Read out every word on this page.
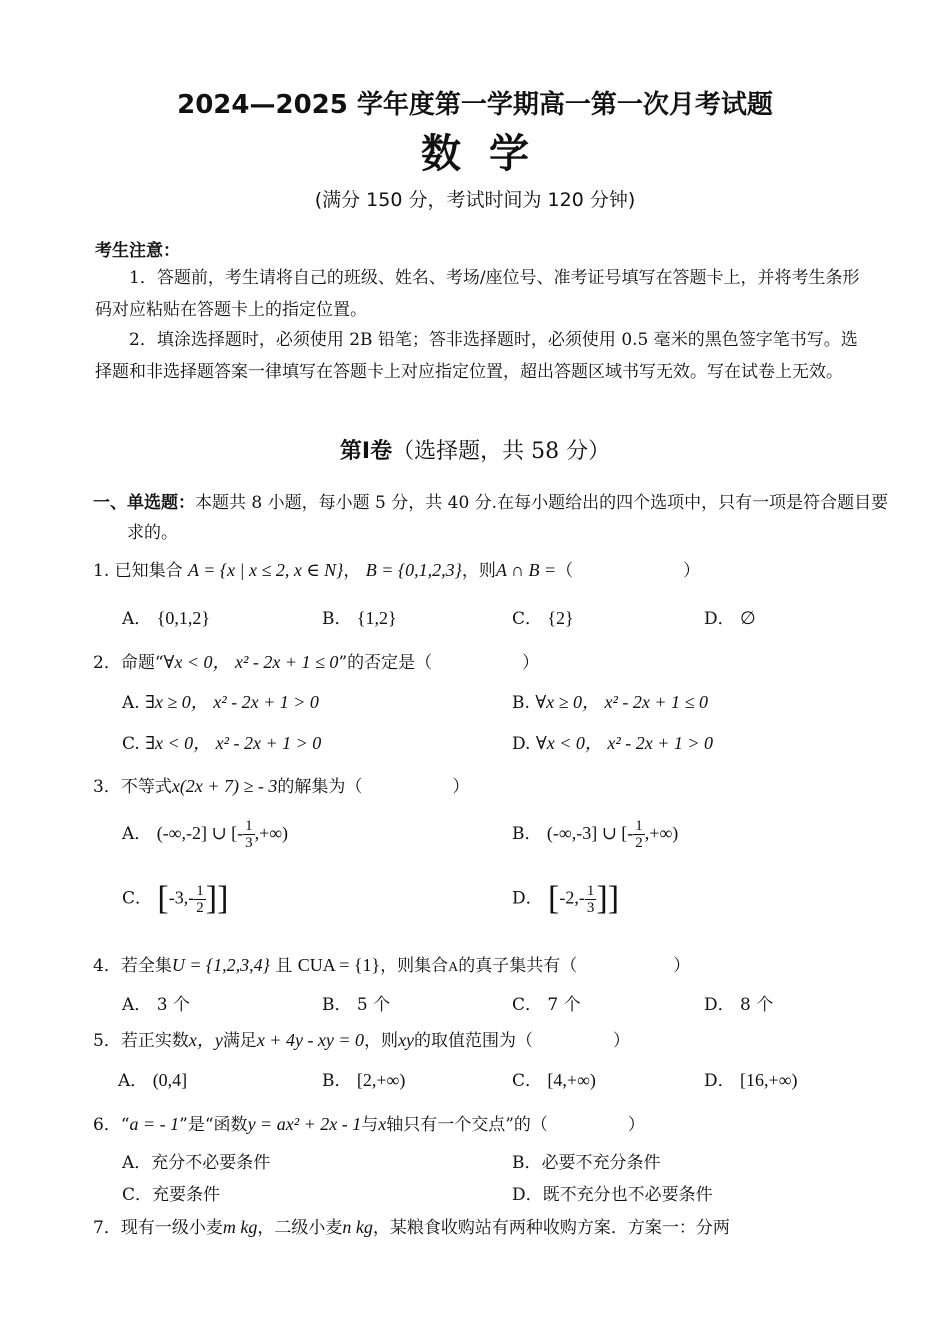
2024—2025 学年度第一学期高一第一次月考试题
数学
(满分 150 分，考试时间为 120 分钟)
考生注意：
1．答题前，考生请将自己的班级、姓名、考场/座位号、准考证号填写在答题卡上，并将考生条形码对应粘贴在答题卡上的指定位置。
2．填涂选择题时，必须使用 2B 铅笔；答非选择题时，必须使用 0.5 毫米的黑色签字笔书写。选择题和非选择题答案一律填写在答题卡上对应指定位置，超出答题区域书写无效。写在试卷上无效。
第Ⅰ卷（选择题，共 58 分）
一、单选题：本题共 8 小题，每小题 5 分，共 40 分.在每小题给出的四个选项中，只有一项是符合题目要求的。
1. 已知集合 A = {x | x ≤ 2, x ∈ N}， B = {0,1,2,3}，则A ∩ B =（	）
A． {0,1,2}	B． {1,2}	C． {2}	D． ∅
2．命题“∀x < 0， x² - 2x + 1 ≤ 0”的否定是（	）
A. ∃x ≥ 0， x² - 2x + 1 > 0	B. ∀x ≥ 0， x² - 2x + 1 ≤ 0
C. ∃x < 0， x² - 2x + 1 > 0	D. ∀x < 0， x² - 2x + 1 > 0
3．不等式x(2x + 7) ≥ - 3的解集为（	）
A． (-∞,-2] ∪ [- $\frac{1}{3}$ ,+∞)	B． (-∞,-3] ∪ [- $\frac{1}{2}$ ,+∞)
C． [$-3,- \frac{1}{2}$ ]]	D． [$-2,- \frac{1}{3}$ ]]
4．若全集U = {1,2,3,4} 且 CUA = {1}，则集合A的真子集共有（	）
A． 3 个	B． 5 个	C． 7 个	D． 8 个
5．若正实数x，y满足x + 4y - xy = 0，则xy的取值范围为（	）
A． (0,4]	B． [2,+∞)	C． [4,+∞)	D． [16,+∞)
6．“a = - 1”是“函数y = ax² + 2x - 1与x轴只有一个交点”的（	）
A．充分不必要条件	B．必要不充分条件
C．充要条件	D．既不充分也不必要条件
7．现有一级小麦m kg，二级小麦n kg，某粮食收购站有两种收购方案．方案一：分两
